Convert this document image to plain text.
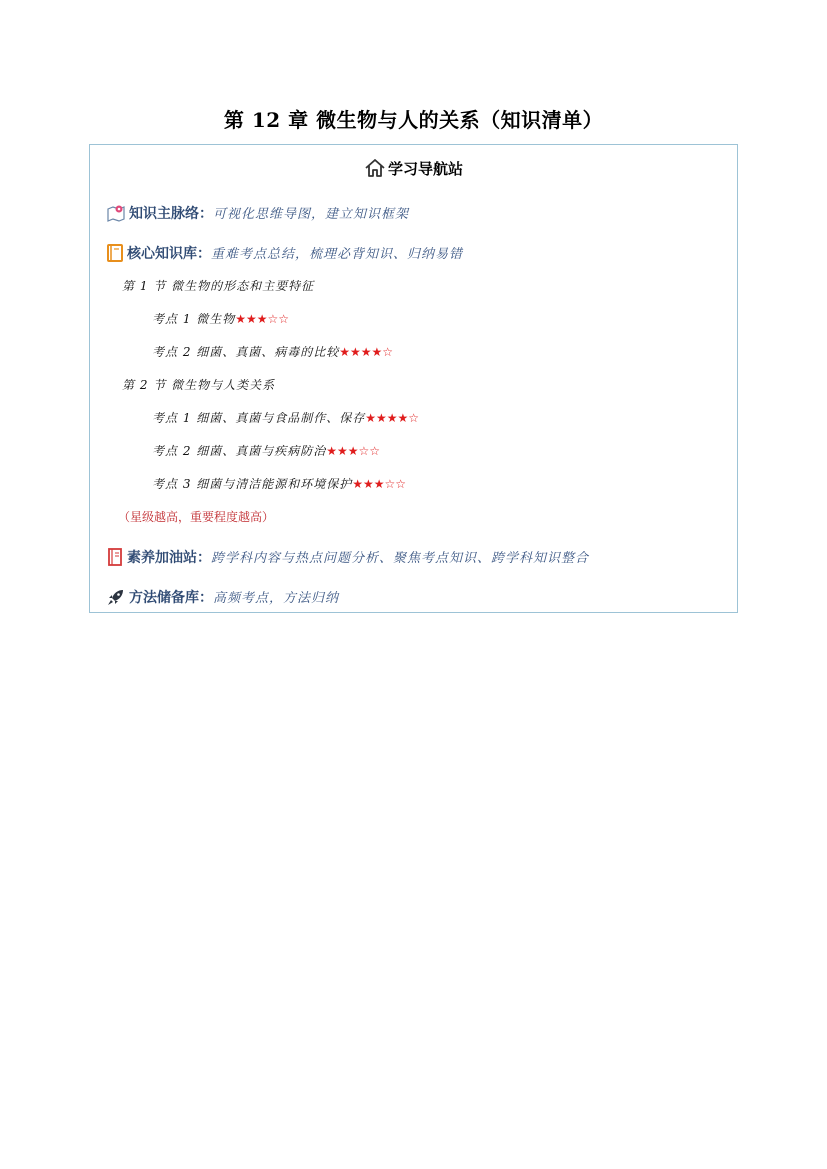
第 12 章 微生物与人的关系（知识清单）
学习导航站
知识主脉络：可视化思维导图，建立知识框架
核心知识库：重难考点总结，梳理必背知识、归纳易错
第 1 节 微生物的形态和主要特征
考点 1 微生物★★★☆☆
考点 2 细菌、真菌、病毒的比较★★★★☆
第 2 节 微生物与人类关系
考点 1 细菌、真菌与食品制作、保存★★★★☆
考点 2 细菌、真菌与疾病防治★★★☆☆
考点 3 细菌与清洁能源和环境保护★★★☆☆
（星级越高，重要程度越高）
素养加油站：跨学科内容与热点问题分析、聚焦考点知识、跨学科知识整合
方法储备库：高频考点，方法归纳
